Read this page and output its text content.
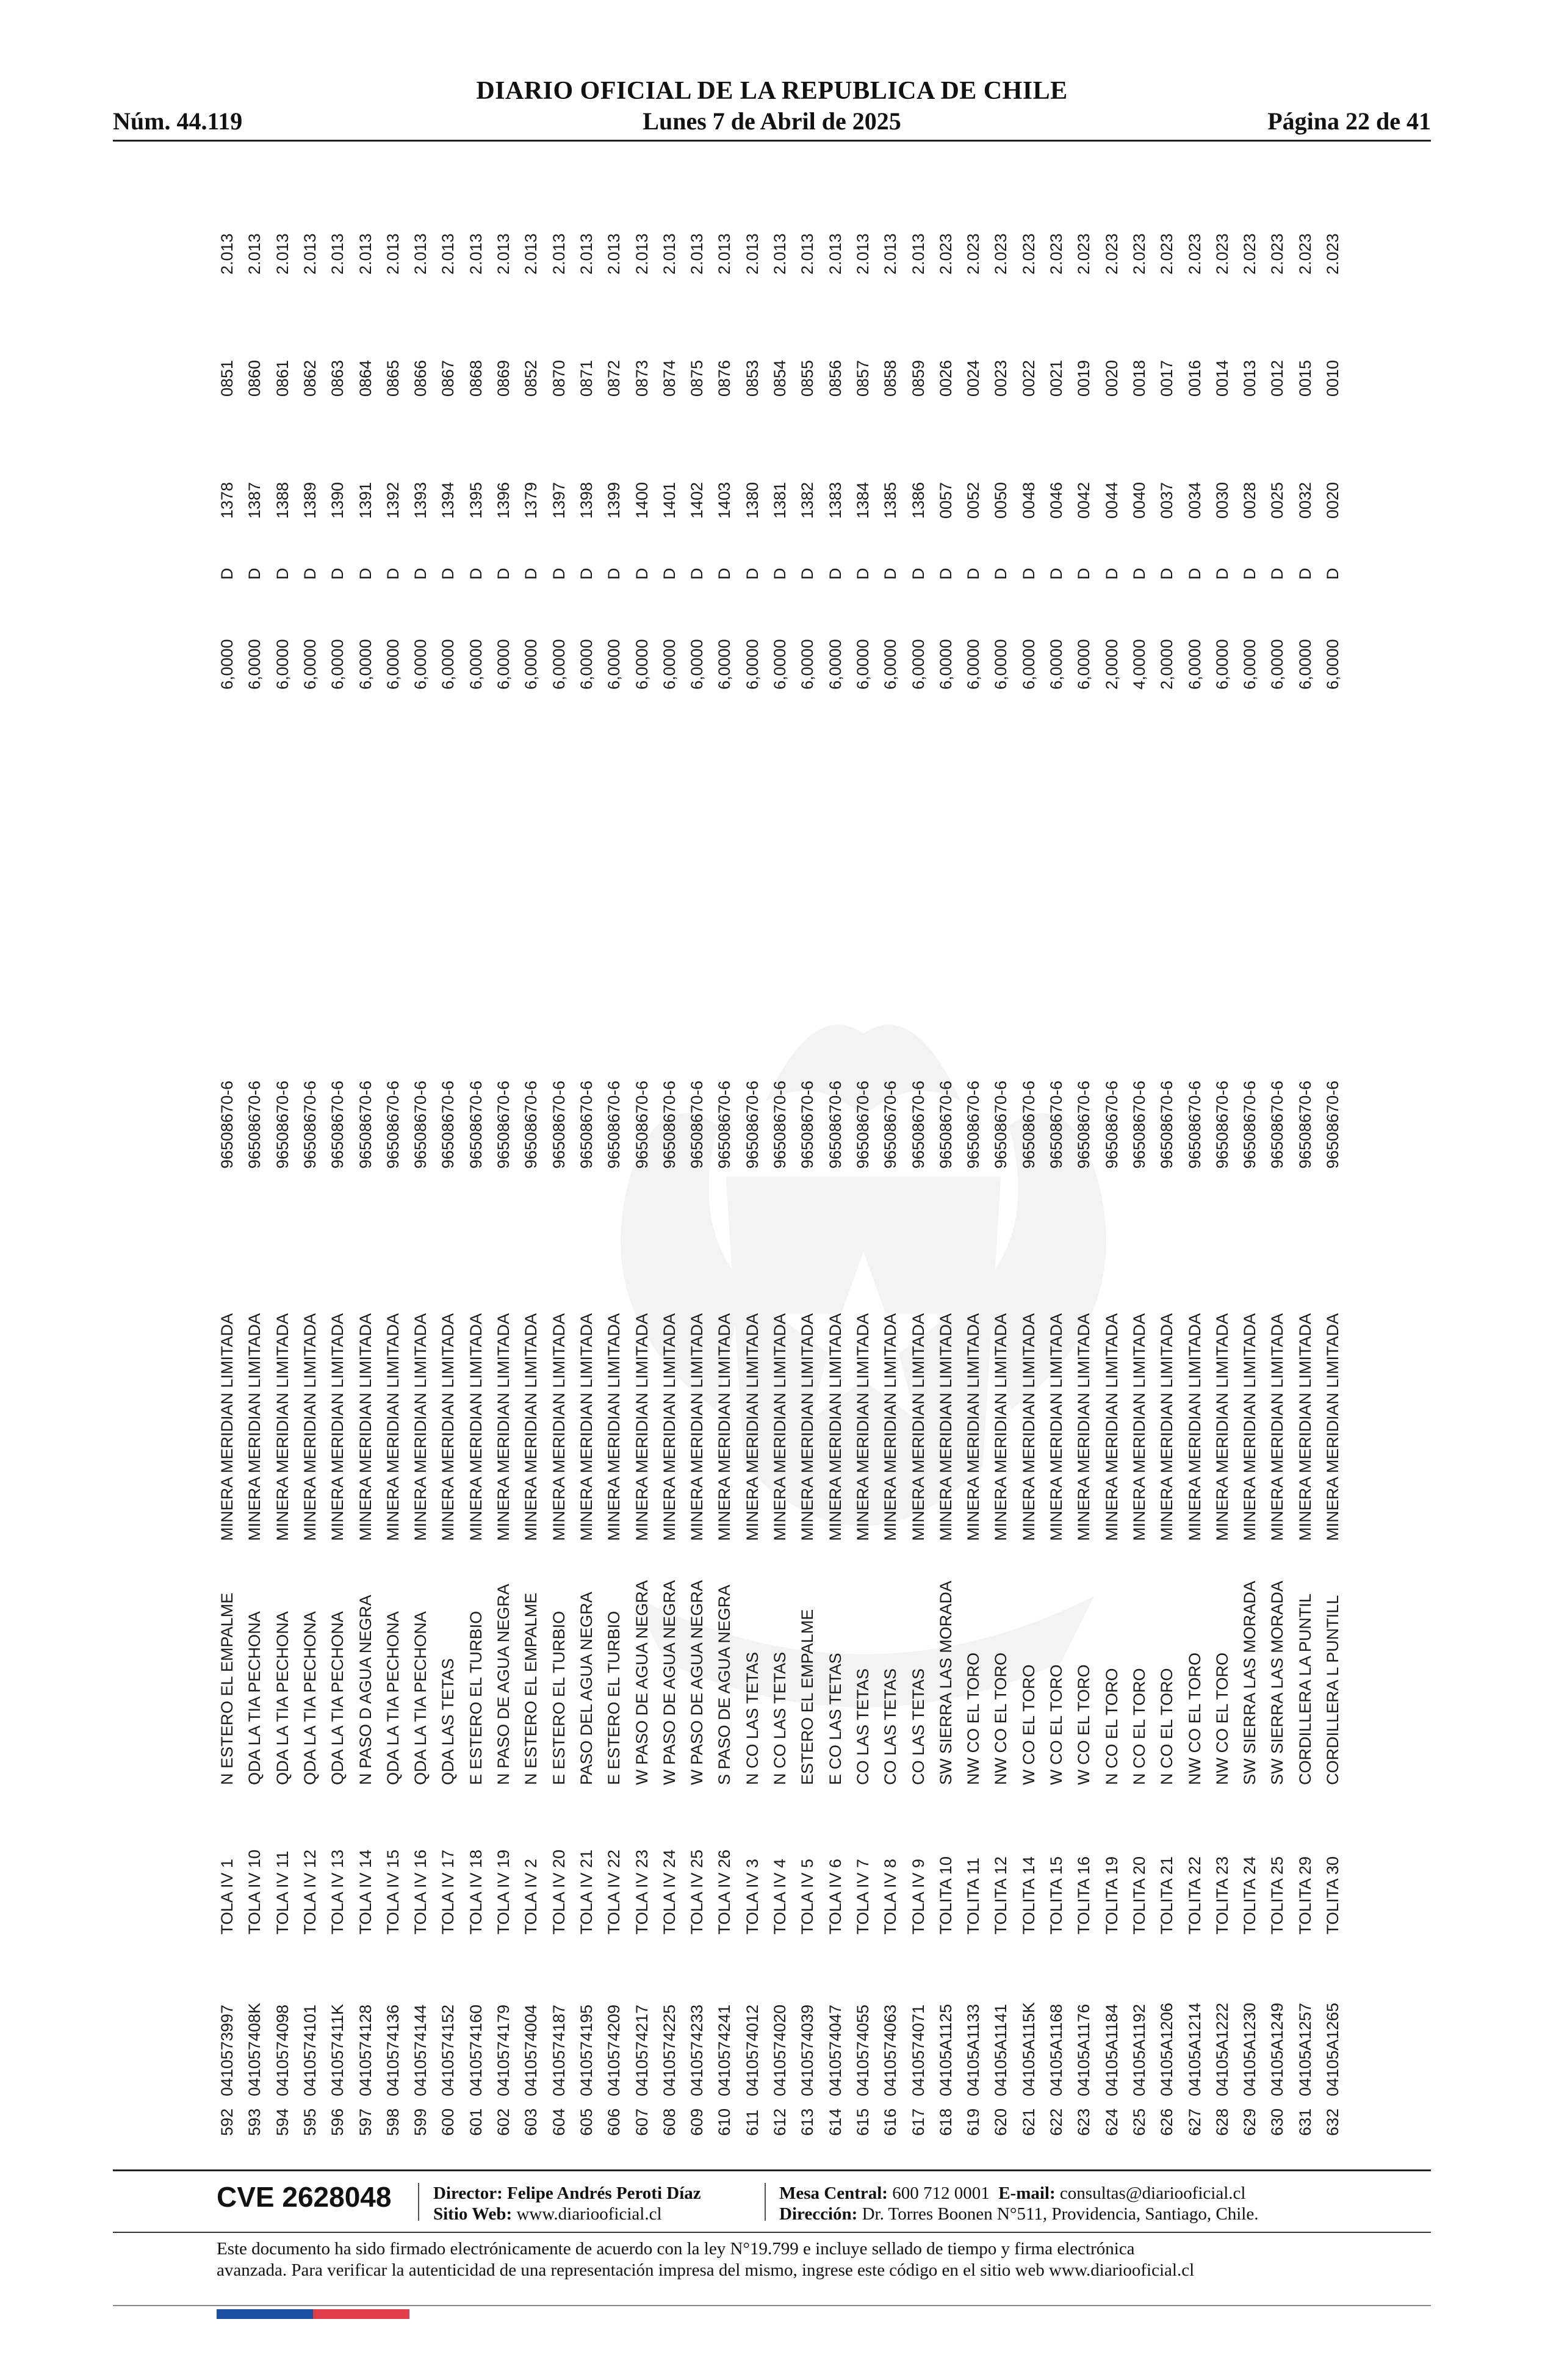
DIARIO OFICIAL DE LA REPUBLICA DE CHILE
Núm. 44.119	Lunes 7 de Abril de 2025	Página 22 de 41
592
0410573997
TOLA IV 1
N ESTERO EL EMPALME
MINERA MERIDIAN LIMITADA
96508670-6
6,0000
D
1378
0851
2.013
593
041057408K
TOLA IV 10
QDA LA TIA PECHONA
MINERA MERIDIAN LIMITADA
96508670-6
6,0000
D
1387
0860
2.013
594
0410574098
TOLA IV 11
QDA LA TIA PECHONA
MINERA MERIDIAN LIMITADA
96508670-6
6,0000
D
1388
0861
2.013
595
0410574101
TOLA IV 12
QDA LA TIA PECHONA
MINERA MERIDIAN LIMITADA
96508670-6
6,0000
D
1389
0862
2.013
596
041057411K
TOLA IV 13
QDA LA TIA PECHONA
MINERA MERIDIAN LIMITADA
96508670-6
6,0000
D
1390
0863
2.013
597
0410574128
TOLA IV 14
N PASO D AGUA NEGRA
MINERA MERIDIAN LIMITADA
96508670-6
6,0000
D
1391
0864
2.013
598
0410574136
TOLA IV 15
QDA LA TIA PECHONA
MINERA MERIDIAN LIMITADA
96508670-6
6,0000
D
1392
0865
2.013
599
0410574144
TOLA IV 16
QDA LA TIA PECHONA
MINERA MERIDIAN LIMITADA
96508670-6
6,0000
D
1393
0866
2.013
600
0410574152
TOLA IV 17
QDA LAS TETAS
MINERA MERIDIAN LIMITADA
96508670-6
6,0000
D
1394
0867
2.013
601
0410574160
TOLA IV 18
E ESTERO EL TURBIO
MINERA MERIDIAN LIMITADA
96508670-6
6,0000
D
1395
0868
2.013
602
0410574179
TOLA IV 19
N PASO DE AGUA NEGRA
MINERA MERIDIAN LIMITADA
96508670-6
6,0000
D
1396
0869
2.013
603
0410574004
TOLA IV 2
N ESTERO EL EMPALME
MINERA MERIDIAN LIMITADA
96508670-6
6,0000
D
1379
0852
2.013
604
0410574187
TOLA IV 20
E ESTERO EL TURBIO
MINERA MERIDIAN LIMITADA
96508670-6
6,0000
D
1397
0870
2.013
605
0410574195
TOLA IV 21
PASO DEL AGUA NEGRA
MINERA MERIDIAN LIMITADA
96508670-6
6,0000
D
1398
0871
2.013
606
0410574209
TOLA IV 22
E ESTERO EL TURBIO
MINERA MERIDIAN LIMITADA
96508670-6
6,0000
D
1399
0872
2.013
607
0410574217
TOLA IV 23
W PASO DE AGUA NEGRA
MINERA MERIDIAN LIMITADA
96508670-6
6,0000
D
1400
0873
2.013
608
0410574225
TOLA IV 24
W PASO DE AGUA NEGRA
MINERA MERIDIAN LIMITADA
96508670-6
6,0000
D
1401
0874
2.013
609
0410574233
TOLA IV 25
W PASO DE AGUA NEGRA
MINERA MERIDIAN LIMITADA
96508670-6
6,0000
D
1402
0875
2.013
610
0410574241
TOLA IV 26
S PASO DE AGUA NEGRA
MINERA MERIDIAN LIMITADA
96508670-6
6,0000
D
1403
0876
2.013
611
0410574012
TOLA IV 3
N CO LAS TETAS
MINERA MERIDIAN LIMITADA
96508670-6
6,0000
D
1380
0853
2.013
612
0410574020
TOLA IV 4
N CO LAS TETAS
MINERA MERIDIAN LIMITADA
96508670-6
6,0000
D
1381
0854
2.013
613
0410574039
TOLA IV 5
ESTERO EL EMPALME
MINERA MERIDIAN LIMITADA
96508670-6
6,0000
D
1382
0855
2.013
614
0410574047
TOLA IV 6
E CO LAS TETAS
MINERA MERIDIAN LIMITADA
96508670-6
6,0000
D
1383
0856
2.013
615
0410574055
TOLA IV 7
CO LAS TETAS
MINERA MERIDIAN LIMITADA
96508670-6
6,0000
D
1384
0857
2.013
616
0410574063
TOLA IV 8
CO LAS TETAS
MINERA MERIDIAN LIMITADA
96508670-6
6,0000
D
1385
0858
2.013
617
0410574071
TOLA IV 9
CO LAS TETAS
MINERA MERIDIAN LIMITADA
96508670-6
6,0000
D
1386
0859
2.013
618
04105A1125
TOLITA 10
SW SIERRA LAS MORADA
MINERA MERIDIAN LIMITADA
96508670-6
6,0000
D
0057
0026
2.023
619
04105A1133
TOLITA 11
NW CO EL TORO
MINERA MERIDIAN LIMITADA
96508670-6
6,0000
D
0052
0024
2.023
620
04105A1141
TOLITA 12
NW CO EL TORO
MINERA MERIDIAN LIMITADA
96508670-6
6,0000
D
0050
0023
2.023
621
04105A115K
TOLITA 14
W CO EL TORO
MINERA MERIDIAN LIMITADA
96508670-6
6,0000
D
0048
0022
2.023
622
04105A1168
TOLITA 15
W CO EL TORO
MINERA MERIDIAN LIMITADA
96508670-6
6,0000
D
0046
0021
2.023
623
04105A1176
TOLITA 16
W CO EL TORO
MINERA MERIDIAN LIMITADA
96508670-6
6,0000
D
0042
0019
2.023
624
04105A1184
TOLITA 19
N CO EL TORO
MINERA MERIDIAN LIMITADA
96508670-6
2,0000
D
0044
0020
2.023
625
04105A1192
TOLITA 20
N CO EL TORO
MINERA MERIDIAN LIMITADA
96508670-6
4,0000
D
0040
0018
2.023
626
04105A1206
TOLITA 21
N CO EL TORO
MINERA MERIDIAN LIMITADA
96508670-6
2,0000
D
0037
0017
2.023
627
04105A1214
TOLITA 22
NW CO EL TORO
MINERA MERIDIAN LIMITADA
96508670-6
6,0000
D
0034
0016
2.023
628
04105A1222
TOLITA 23
NW CO EL TORO
MINERA MERIDIAN LIMITADA
96508670-6
6,0000
D
0030
0014
2.023
629
04105A1230
TOLITA 24
SW SIERRA LAS MORADA
MINERA MERIDIAN LIMITADA
96508670-6
6,0000
D
0028
0013
2.023
630
04105A1249
TOLITA 25
SW SIERRA LAS MORADA
MINERA MERIDIAN LIMITADA
96508670-6
6,0000
D
0025
0012
2.023
631
04105A1257
TOLITA 29
CORDILLERA LA PUNTIL
MINERA MERIDIAN LIMITADA
96508670-6
6,0000
D
0032
0015
2.023
632
04105A1265
TOLITA 30
CORDILLERA L PUNTILL
MINERA MERIDIAN LIMITADA
96508670-6
6,0000
D
0020
0010
2.023
CVE 2628048 Director: Felipe Andrés Peroti Díaz
Sitio Web: www.diariooficial.cl
Mesa Central: 600 712 0001 E-mail: consultas@diariooficial.cl
Dirección: Dr. Torres Boonen N°511, Providencia, Santiago, Chile.
Este documento ha sido firmado electrónicamente de acuerdo con la ley N°19.799 e incluye sellado de tiempo y firma electrónica
avanzada. Para verificar la autenticidad de una representación impresa del mismo, ingrese este código en el sitio web www.diariooficial.cl
